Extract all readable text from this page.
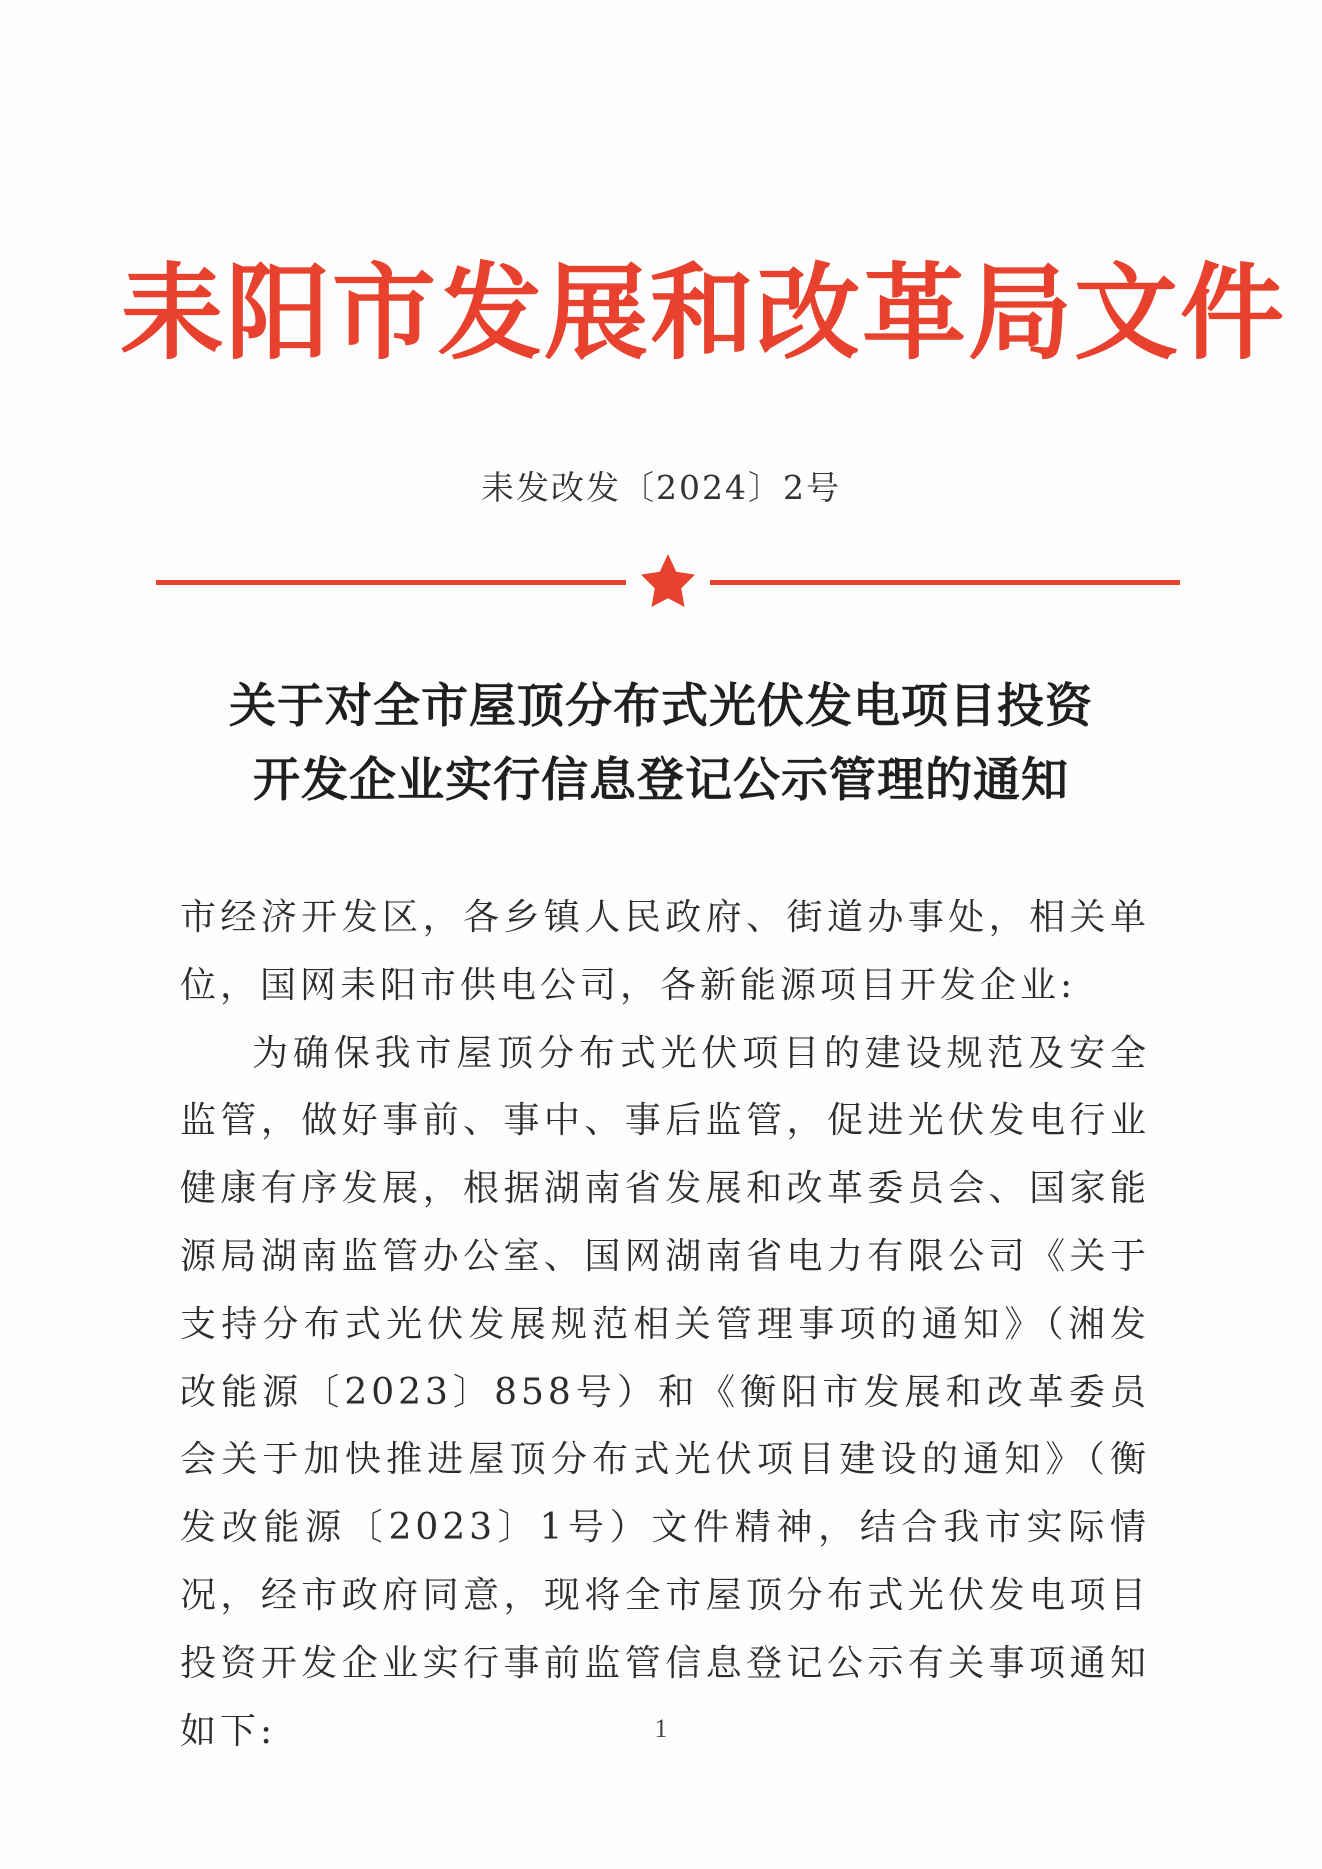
耒阳市发展和改革局文件
耒发改发〔2024〕2号
关于对全市屋顶分布式光伏发电项目投资
开发企业实行信息登记公示管理的通知

市经济开发区，各乡镇人民政府、街道办事处，相关单位，国网耒阳市供电公司，各新能源项目开发企业:

为确保我市屋顶分布式光伏项目的建设规范及安全监管，做好事前、事中、事后监管，促进光伏发电行业健康有序发展，根据湖南省发展和改革委员会、国家能源局湖南监管办公室、国网湖南省电力有限公司《关于支持分布式光伏发展规范相关管理事项的通知》（湘发改能源〔2023〕858号）和《衡阳市发展和改革委员会关于加快推进屋顶分布式光伏项目建设的通知》（衡发改能源〔2023〕1号）文件精神，结合我市实际情况，经市政府同意，现将全市屋顶分布式光伏发电项目投资开发企业实行事前监管信息登记公示有关事项通知如下:	1
